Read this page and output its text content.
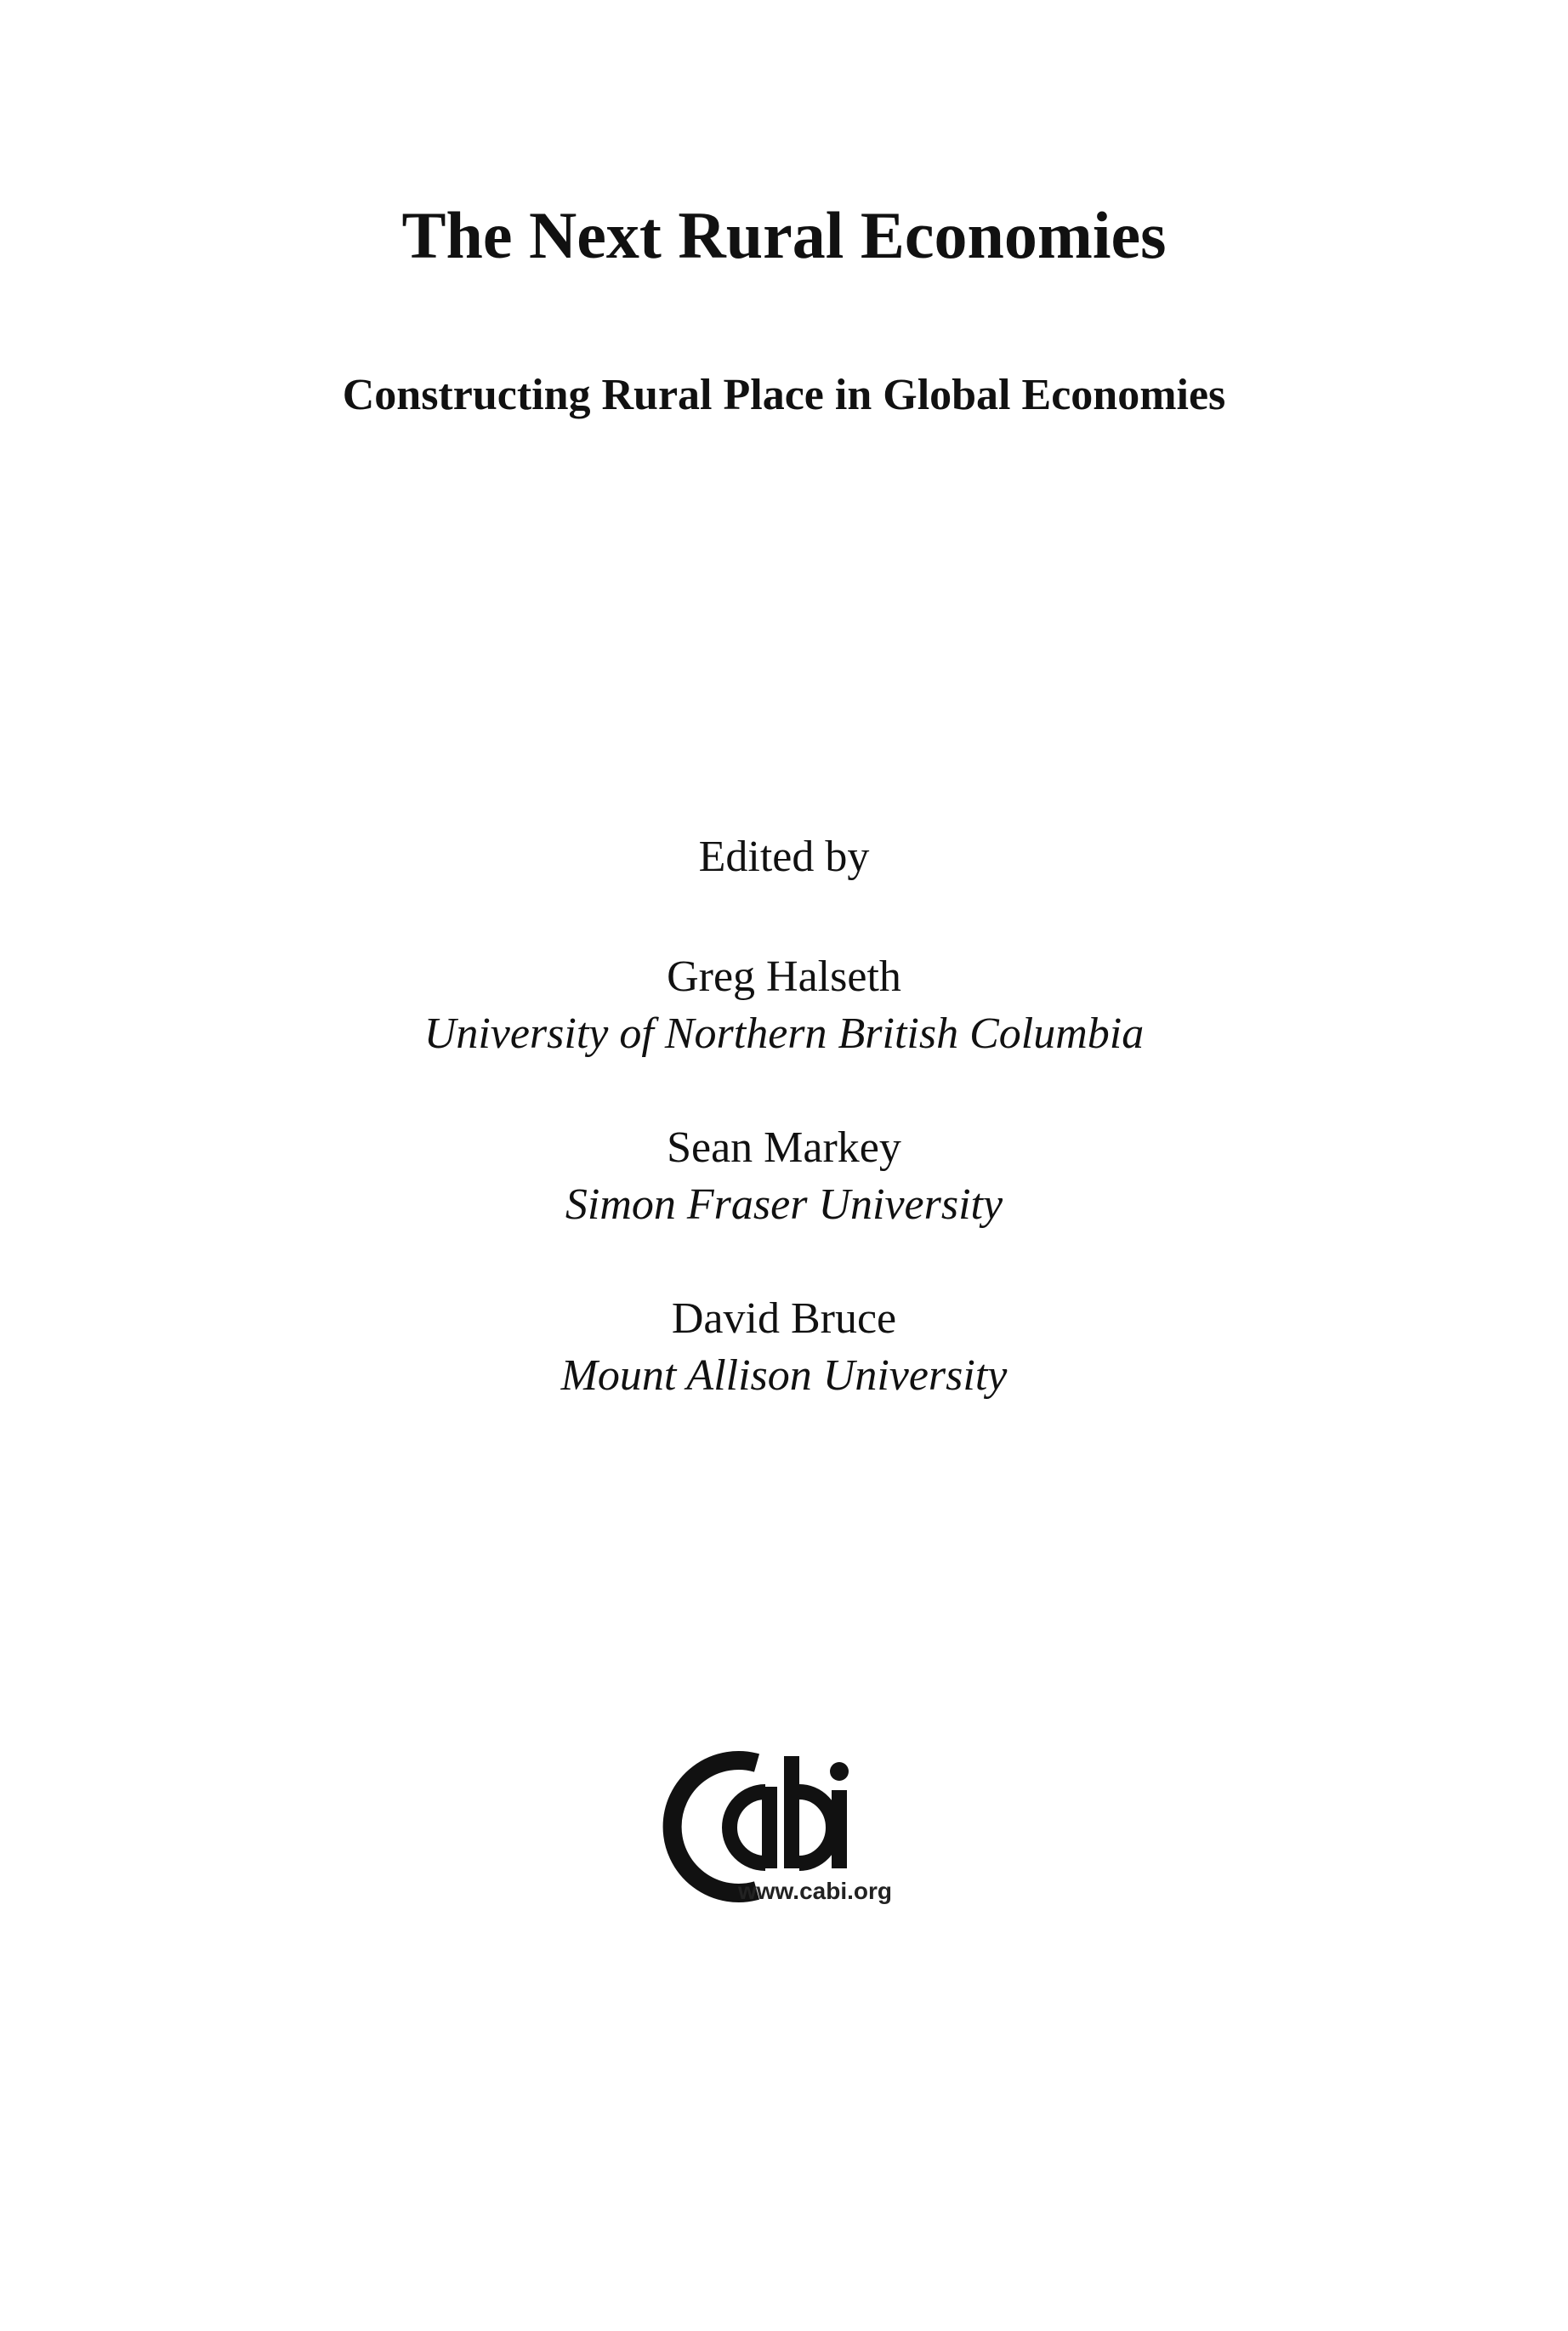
The Next Rural Economies
Constructing Rural Place in Global Economies
Edited by
Greg Halseth
University of Northern British Columbia
Sean Markey
Simon Fraser University
David Bruce
Mount Allison University
www.cabi.org
